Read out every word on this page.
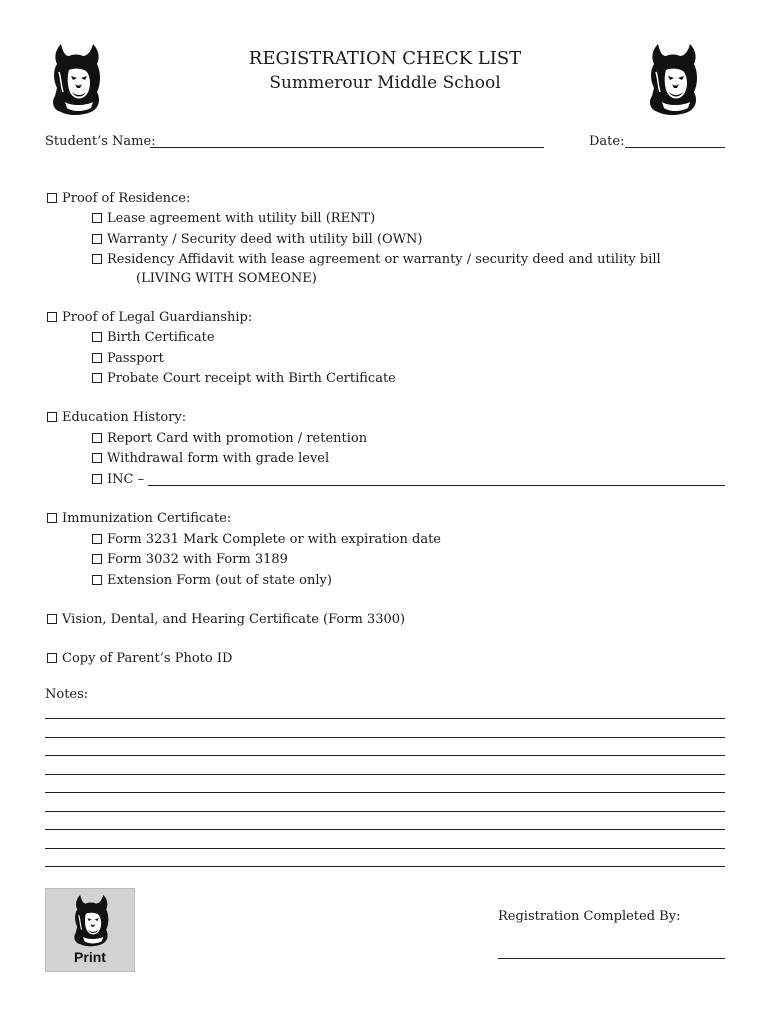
REGISTRATION CHECK LIST
Summerour Middle School
Student’s Name:	Date:
Proof of Residence:
Lease agreement with utility bill (RENT)
Warranty / Security deed with utility bill (OWN)
Residency Affidavit with lease agreement or warranty / security deed and utility bill
(LIVING WITH SOMEONE)
Proof of Legal Guardianship:
Birth Certificate
Passport
Probate Court receipt with Birth Certificate
Education History:
Report Card with promotion / retention
Withdrawal form with grade level
INC –
Immunization Certificate:
Form 3231 Mark Complete or with expiration date
Form 3032 with Form 3189
Extension Form (out of state only)
Vision, Dental, and Hearing Certificate (Form 3300)
Copy of Parent’s Photo ID
Notes:
Print
Registration Completed By:
